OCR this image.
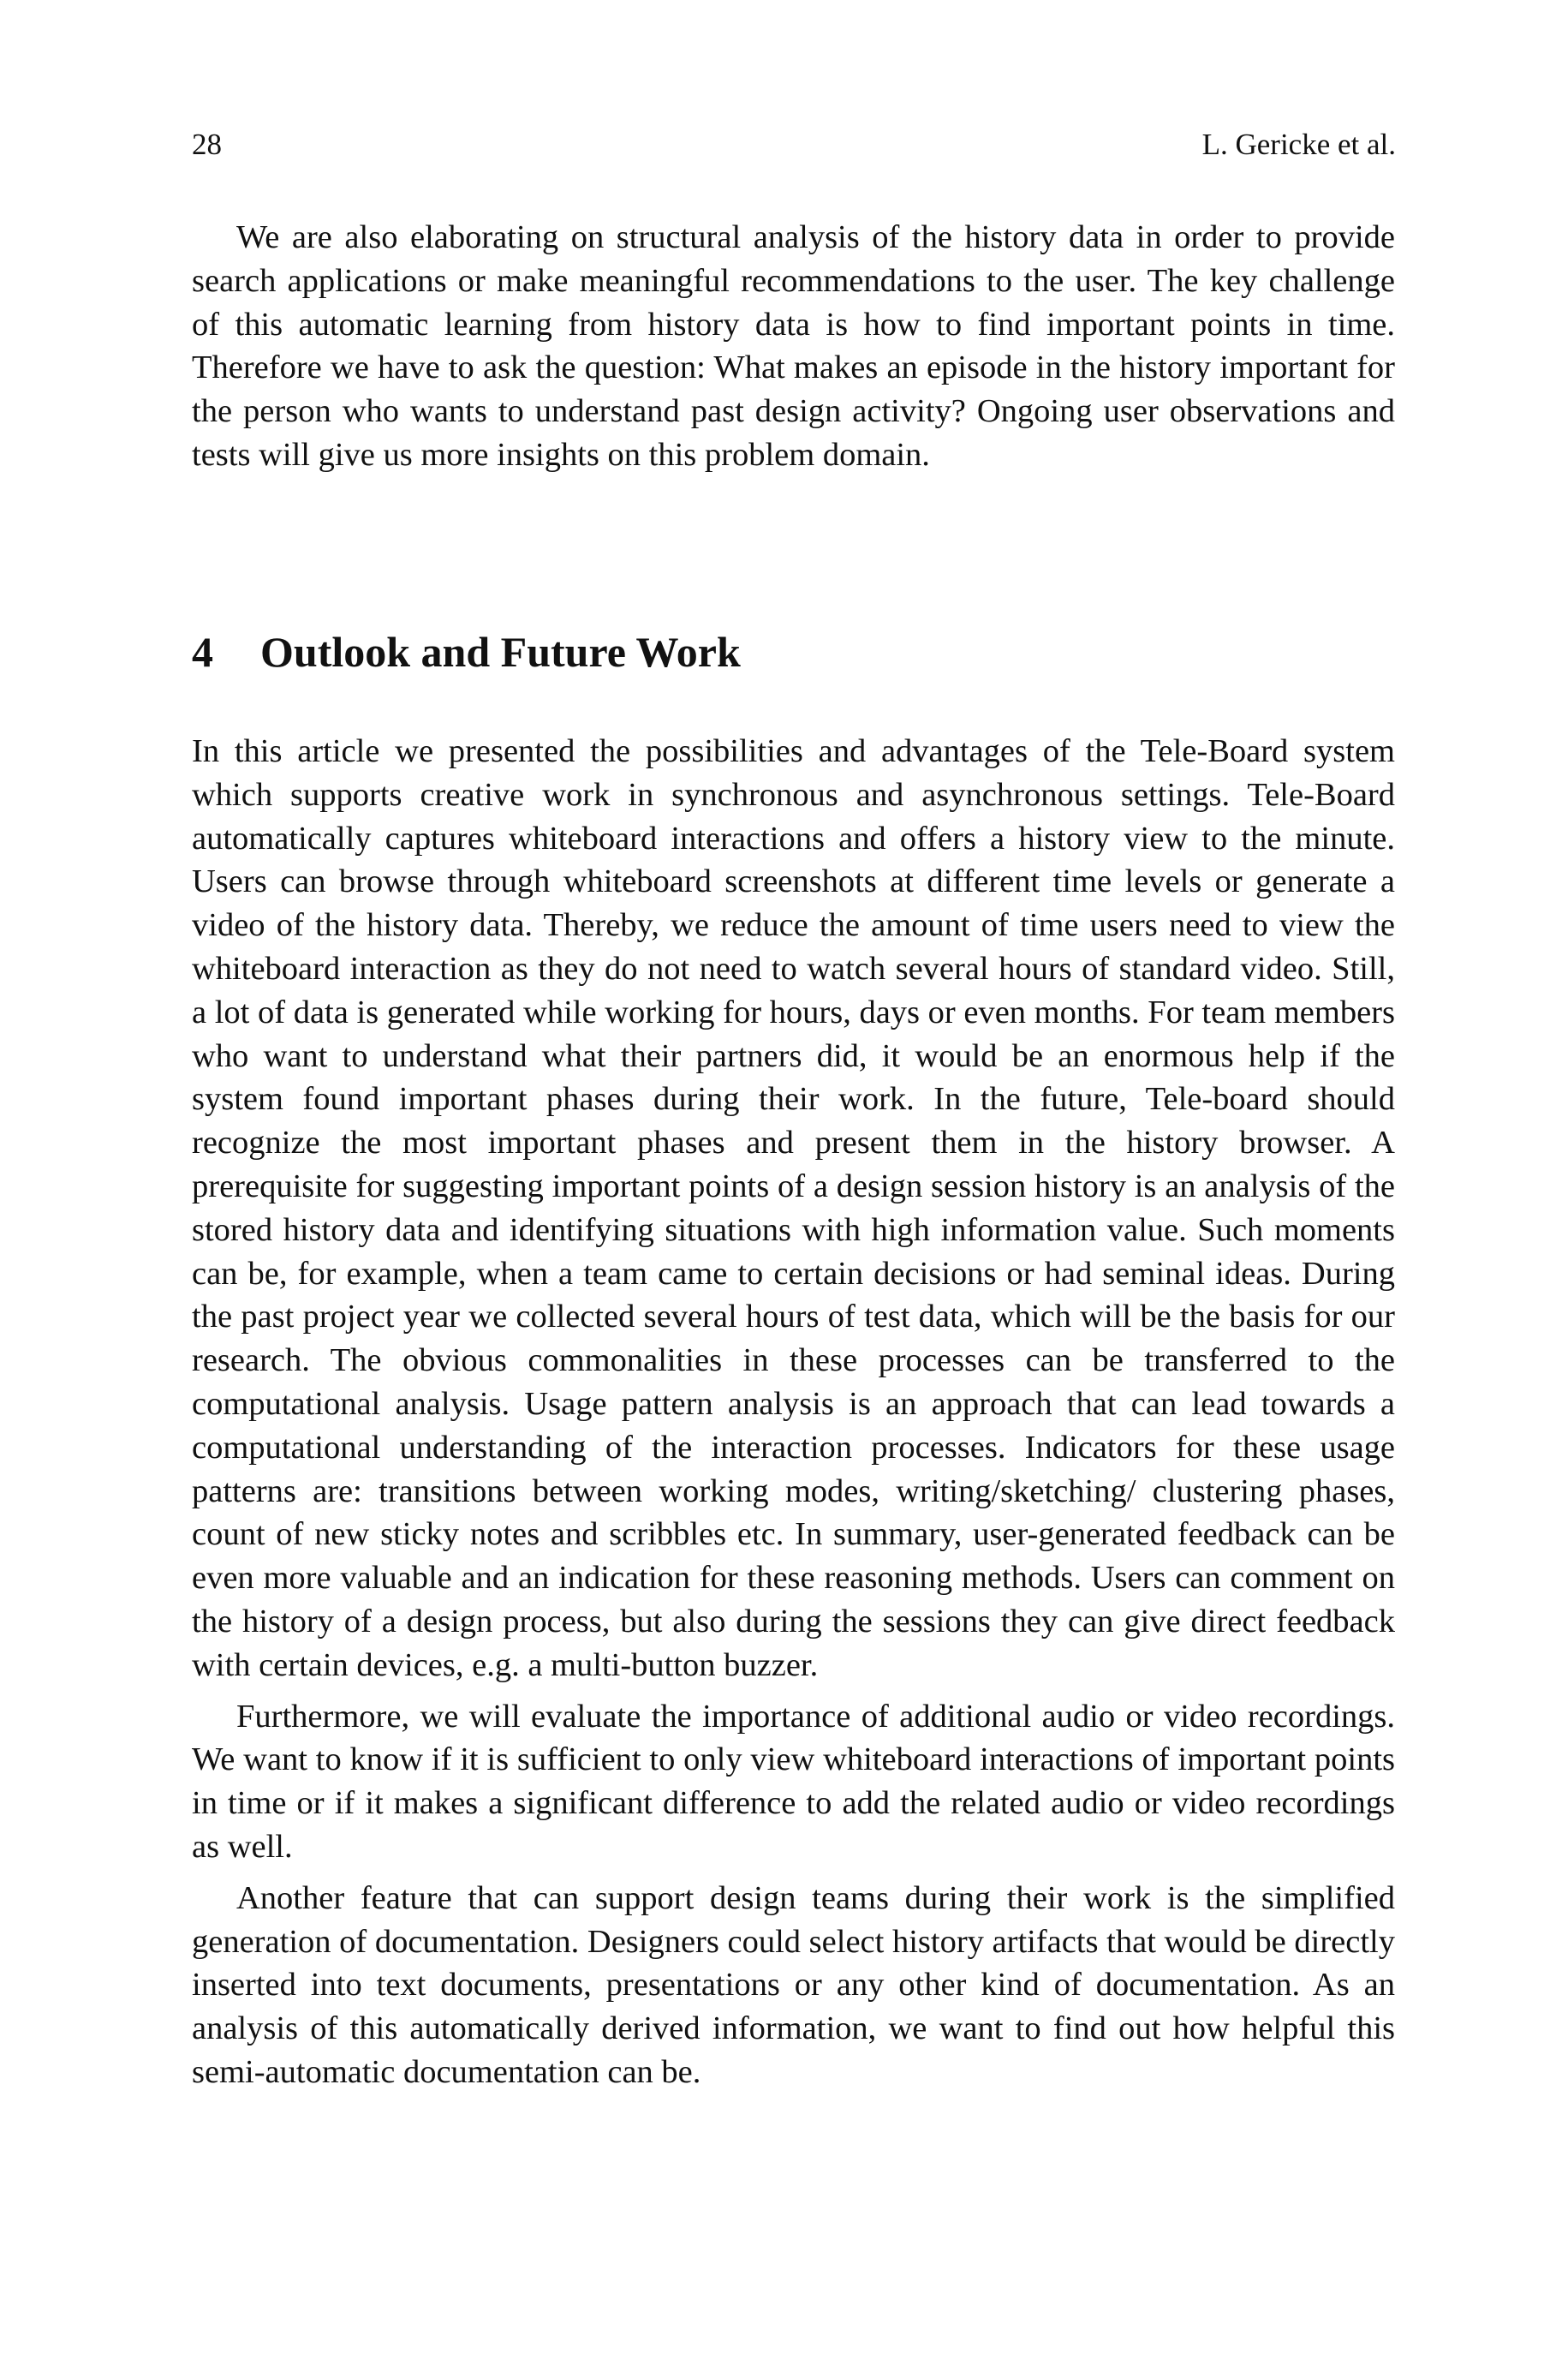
28	L. Gericke et al.

We are also elaborating on structural analysis of the history data in order to provide search applications or make meaningful recommendations to the user. The key challenge of this automatic learning from history data is how to find important points in time. Therefore we have to ask the question: What makes an episode in the history important for the person who wants to understand past design activity? Ongoing user observations and tests will give us more insights on this problem domain.

4 Outlook and Future Work

In this article we presented the possibilities and advantages of the Tele-Board system which supports creative work in synchronous and asynchronous settings. Tele-Board automatically captures whiteboard interactions and offers a history view to the minute. Users can browse through whiteboard screenshots at different time levels or generate a video of the history data. Thereby, we reduce the amount of time users need to view the whiteboard interaction as they do not need to watch several hours of standard video. Still, a lot of data is generated while working for hours, days or even months. For team members who want to understand what their partners did, it would be an enormous help if the system found important phases during their work. In the future, Tele-board should recognize the most important phases and present them in the history browser. A prerequisite for suggesting important points of a design session history is an analysis of the stored history data and identifying situations with high information value. Such moments can be, for example, when a team came to certain decisions or had seminal ideas. During the past project year we collected several hours of test data, which will be the basis for our research. The obvious commonalities in these processes can be transferred to the computational analysis. Usage pattern analysis is an approach that can lead towards a computational understanding of the interaction processes. Indicators for these usage patterns are: transitions between working modes, writing/sketching/ clustering phases, count of new sticky notes and scribbles etc. In summary, user-generated feedback can be even more valuable and an indication for these reasoning methods. Users can comment on the history of a design process, but also during the sessions they can give direct feedback with certain devices, e.g. a multi-button buzzer.

Furthermore, we will evaluate the importance of additional audio or video recordings. We want to know if it is sufficient to only view whiteboard interactions of important points in time or if it makes a significant difference to add the related audio or video recordings as well.

Another feature that can support design teams during their work is the simplified generation of documentation. Designers could select history artifacts that would be directly inserted into text documents, presentations or any other kind of documentation. As an analysis of this automatically derived information, we want to find out how helpful this semi-automatic documentation can be.
